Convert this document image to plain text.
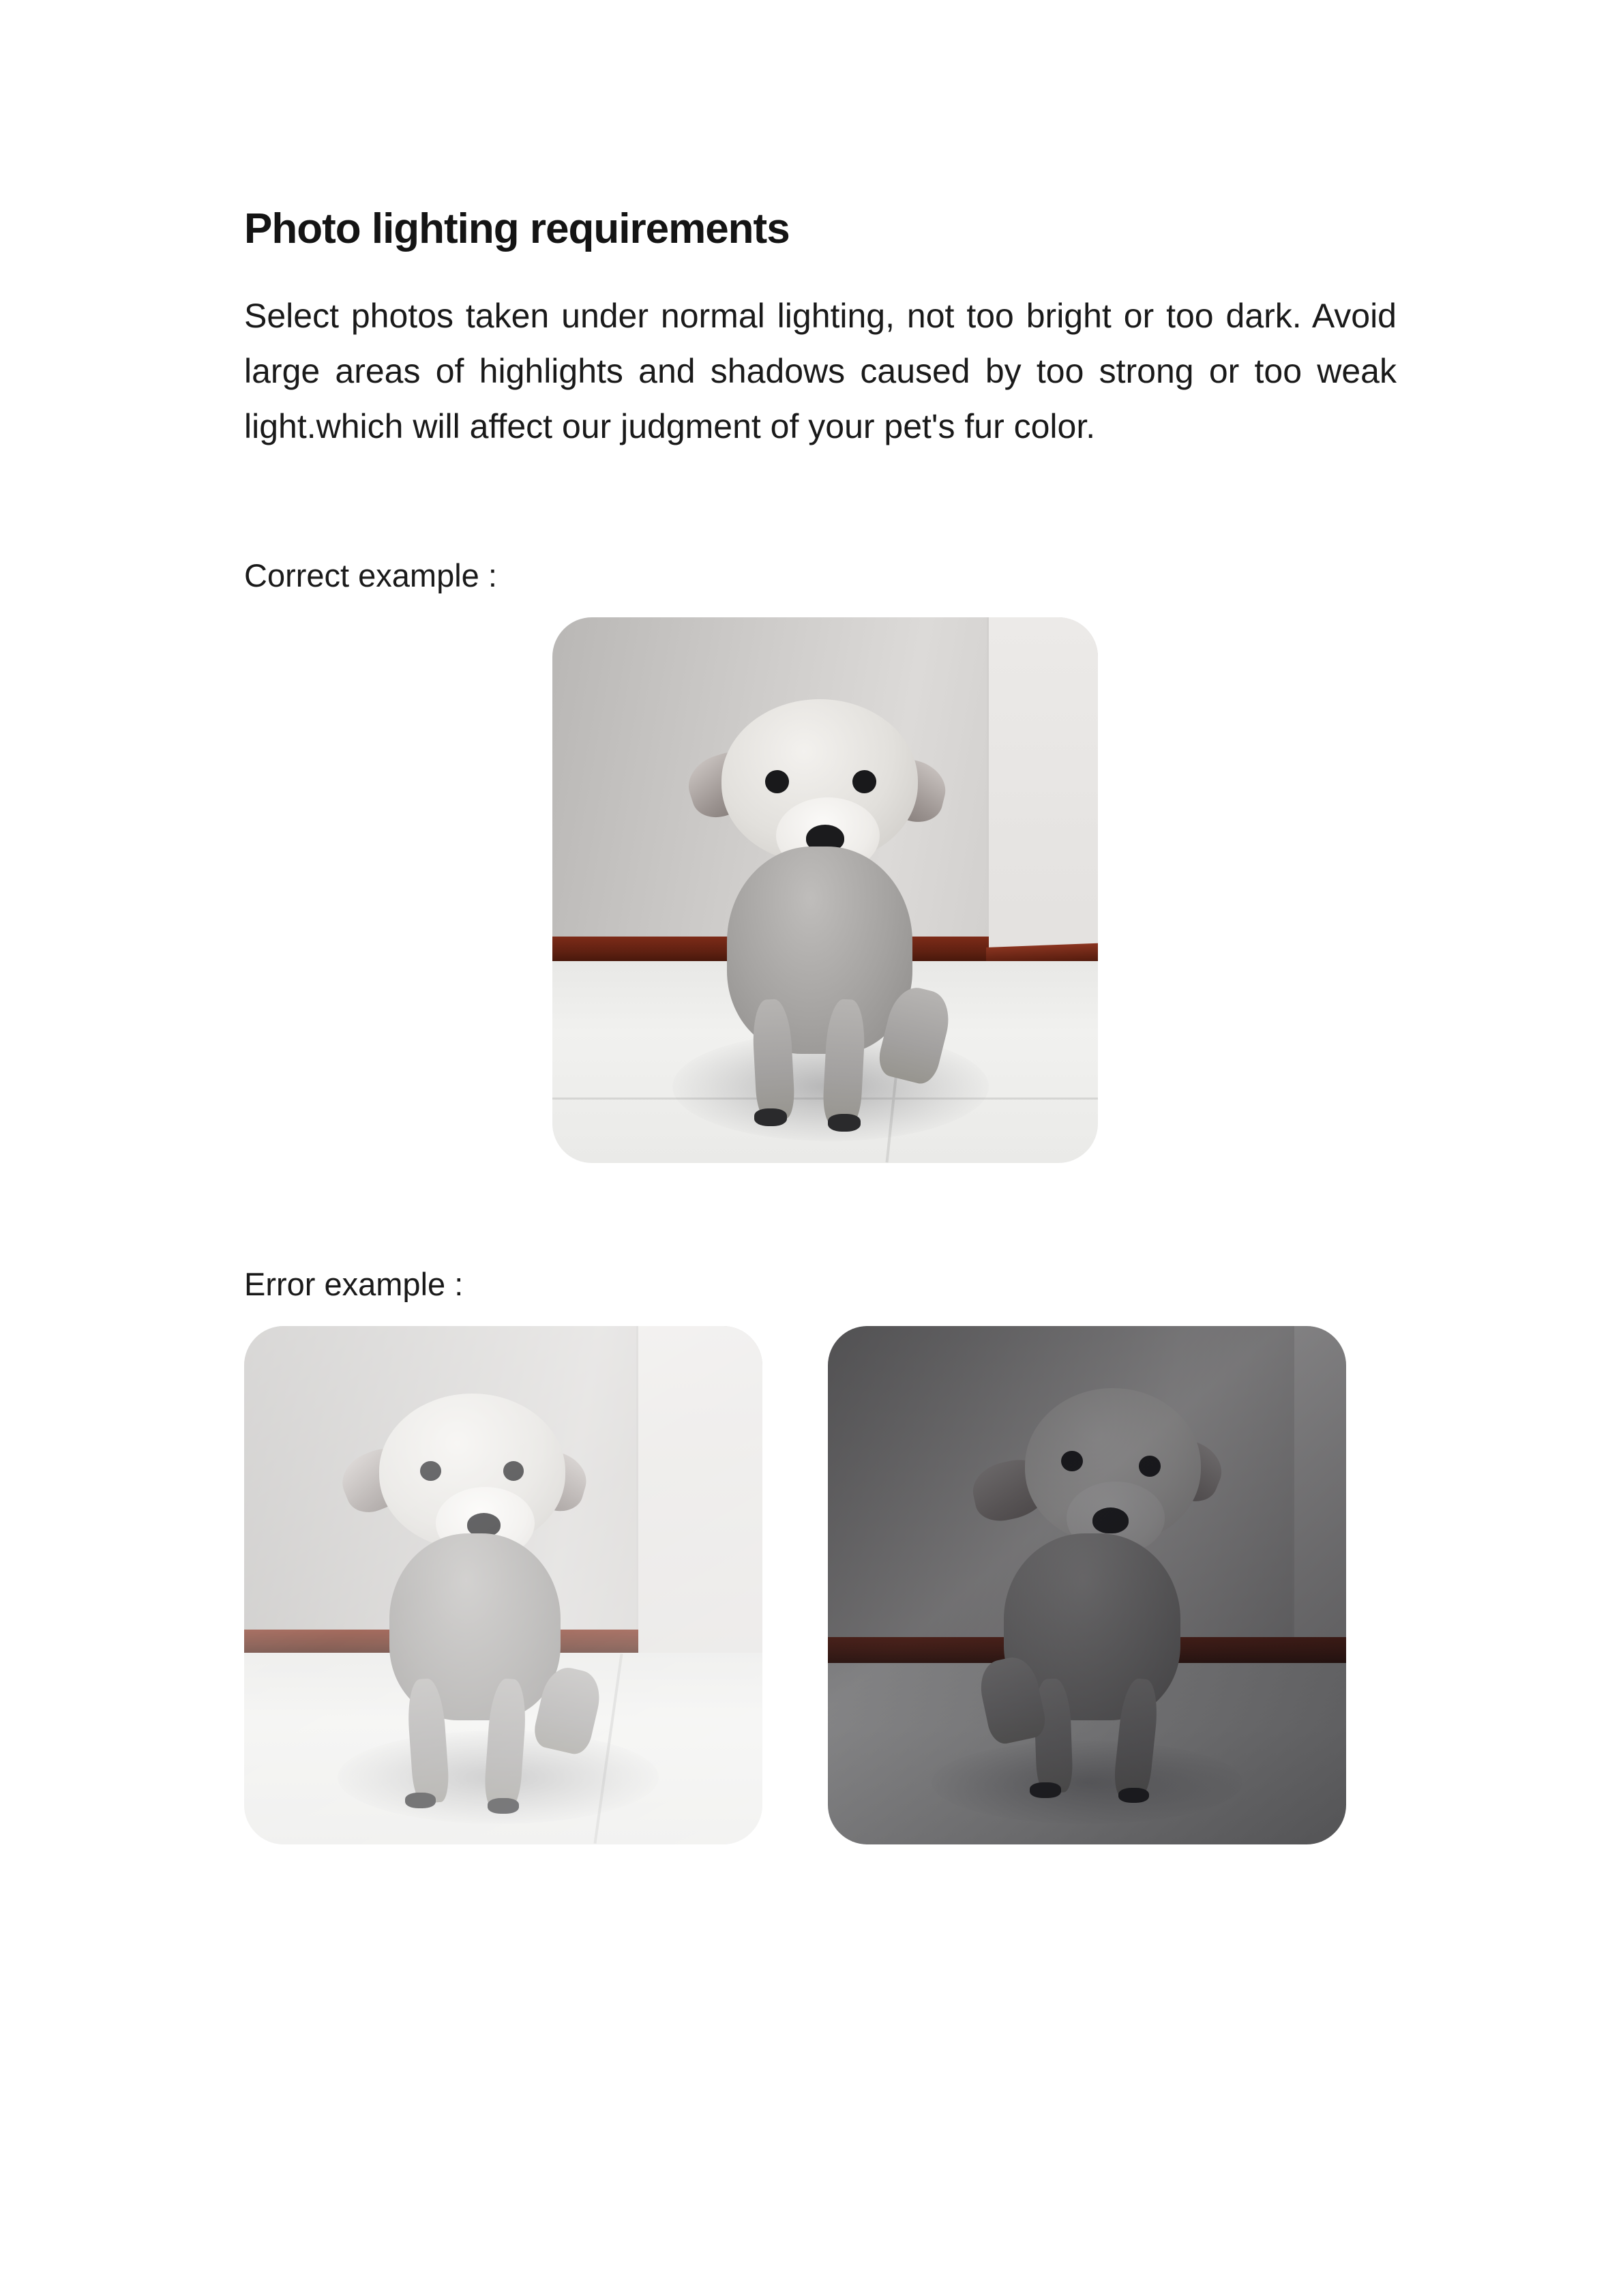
Photo lighting requirements

Select photos taken under normal lighting, not too bright or too dark. Avoid large areas of highlights and shadows caused by too strong or too weak light.which will affect our judgment of your pet's fur color.

Correct example :

Error example :
